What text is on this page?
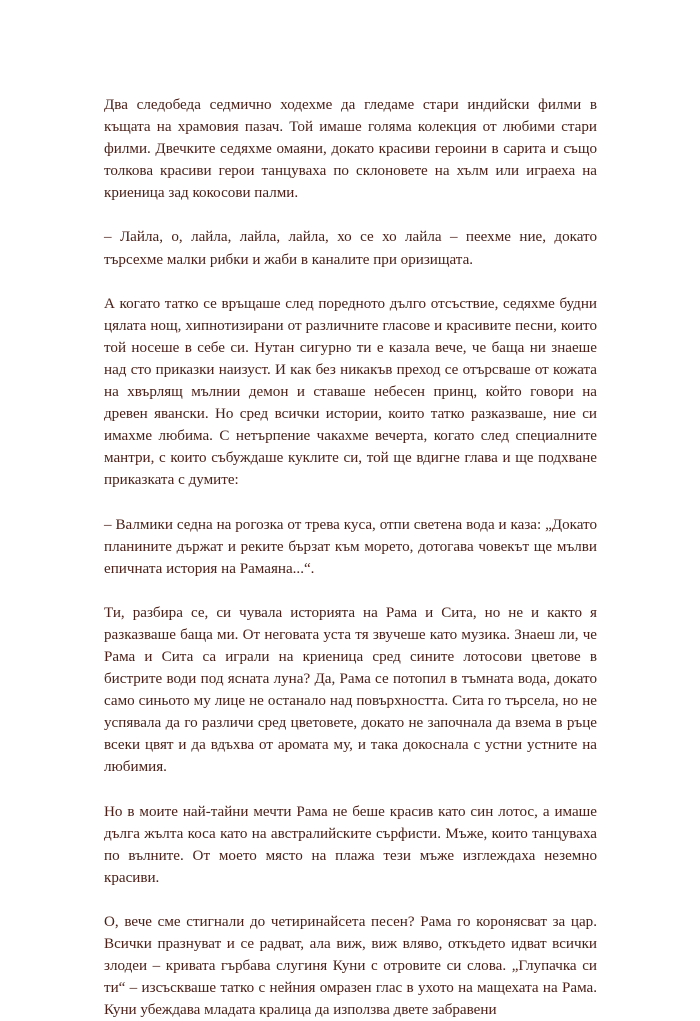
Два следобеда седмично ходехме да гледаме стари индийски филми в къщата на храмовия пазач. Той имаше голяма колекция от любими стари филми. Двечките седяхме омаяни, докато красиви героини в сарита и също толкова красиви герои танцуваха по склоновете на хълм или играеха на криеница зад кокосови палми.

– Лайла, о, лайла, лайла, лайла, хо се хо лайла – пеехме ние, докато търсехме малки рибки и жаби в каналите при оризищата.

А когато татко се връщаше след поредното дълго отсъствие, седяхме будни цялата нощ, хипнотизирани от различните гласове и красивите песни, които той носеше в себе си. Нутан сигурно ти е казала вече, че баща ни знаеше над сто приказки наизуст. И как без никакъв преход се отърсваше от кожата на хвърлящ мълнии демон и ставаше небесен принц, който говори на древен явански. Но сред всички истории, които татко разказваше, ние си имахме любима. С нетърпение чакахме вечерта, когато след специалните мантри, с които събуждаше куклите си, той ще вдигне глава и ще подхване приказката с думите:

– Валмики седна на рогозка от трева куса, отпи светена вода и каза: „Докато планините държат и реките бързат към морето, дотогава човекът ще мълви епичната история на Рамаяна...“.

Ти, разбира се, си чувала историята на Рама и Сита, но не и както я разказваше баща ми. От неговата уста тя звучеше като музика. Знаеш ли, че Рама и Сита са играли на криеница сред сините лотосови цветове в бистрите води под ясната луна? Да, Рама се потопил в тъмната вода, докато само синьото му лице не останало над повърхността. Сита го търсела, но не успявала да го различи сред цветовете, докато не започнала да взема в ръце всеки цвят и да вдъхва от аромата му, и така докоснала с устни устните на любимия.

Но в моите най-тайни мечти Рама не беше красив като син лотос, а имаше дълга жълта коса като на австралийските сърфисти. Мъже, които танцуваха по вълните. От моето място на плажа тези мъже изглеждаха неземно красиви.

О, вече сме стигнали до четиринайсета песен? Рама го коронясват за цар. Всички празнуват и се радват, ала виж, виж вляво, откъдето идват всички злодеи – кривата гърбава слугиня Куни с отровите си слова. „Глупачка си ти“ – изсъскваше татко с нейния омразен глас в ухото на мащехата на Рама. Куни убеждава младата кралица да използва двете забравени
